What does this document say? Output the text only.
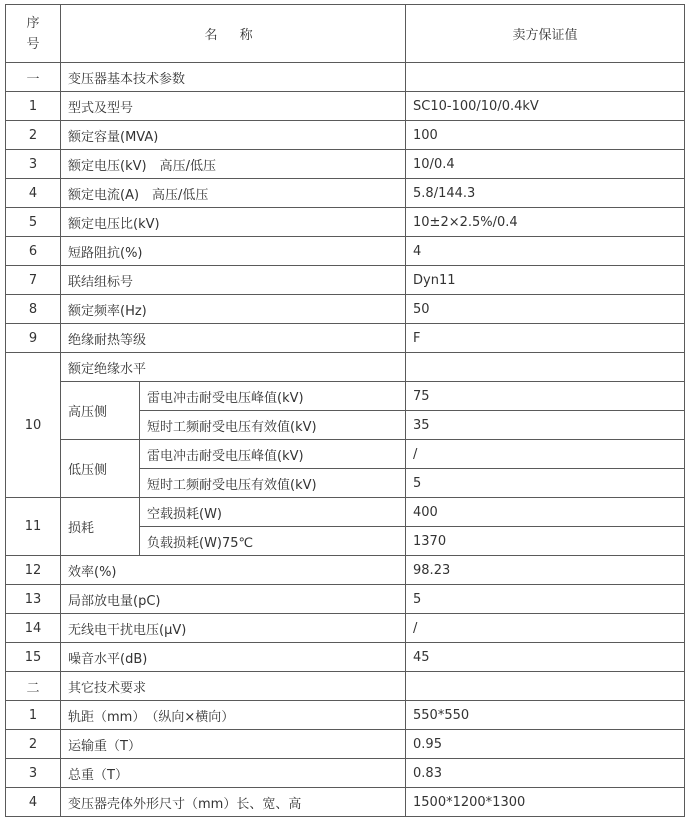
序
号	名 称		卖方保证值
一	变压器基本技术参数		
1	型式及型号		SC10-100/10/0.4kV
2	额定容量(MVA)		100
3	额定电压(kV)　高压/低压		10/0.4
4	额定电流(A)　高压/低压		5.8/144.3
5	额定电压比(kV)		10±2×2.5%/0.4
6	短路阻抗(%)		4
7	联结组标号		Dyn11
8	额定频率(Hz)		50
9	绝缘耐热等级		F
10	额定绝缘水平		
	高压侧	雷电冲击耐受电压峰值(kV)	75
		短时工频耐受电压有效值(kV)	35
	低压侧	雷电冲击耐受电压峰值(kV)	/
		短时工频耐受电压有效值(kV)	5
11	损耗	空载损耗(W)	400
		负载损耗(W)75℃	1370
12	效率(%)		98.23
13	局部放电量(pC)		5
14	无线电干扰电压(μV)		/
15	噪音水平(dB)		45
二	其它技术要求		
1	轨距（mm）　（纵向×横向）		550*550
2	运输重（T）		0.95
3	总重（T）		0.83
4	变压器壳体外形尺寸（mm）长、宽、高		1500*1200*1300
